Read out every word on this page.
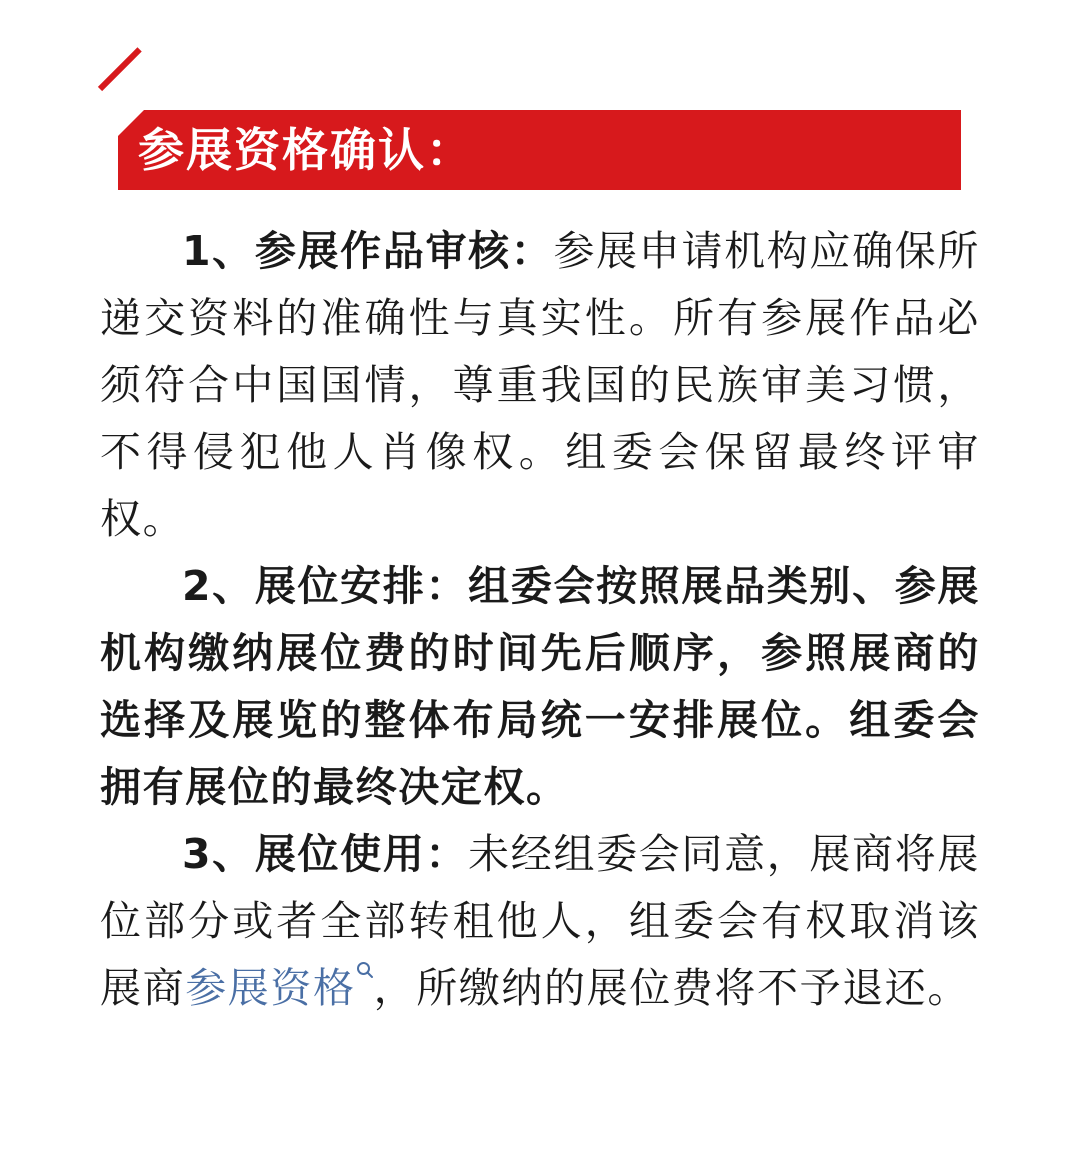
参展资格确认：

1、参展作品审核：参展申请机构应确保所递交资料的准确性与真实性。所有参展作品必须符合中国国情，尊重我国的民族审美习惯，不得侵犯他人肖像权。组委会保留最终评审权。

2、展位安排：组委会按照展品类别、参展机构缴纳展位费的时间先后顺序，参照展商的选择及展览的整体布局统一安排展位。组委会拥有展位的最终决定权。

3、展位使用：未经组委会同意，展商将展位部分或者全部转租他人，组委会有权取消该展商参展资格 ，所缴纳的展位费将不予退还。
